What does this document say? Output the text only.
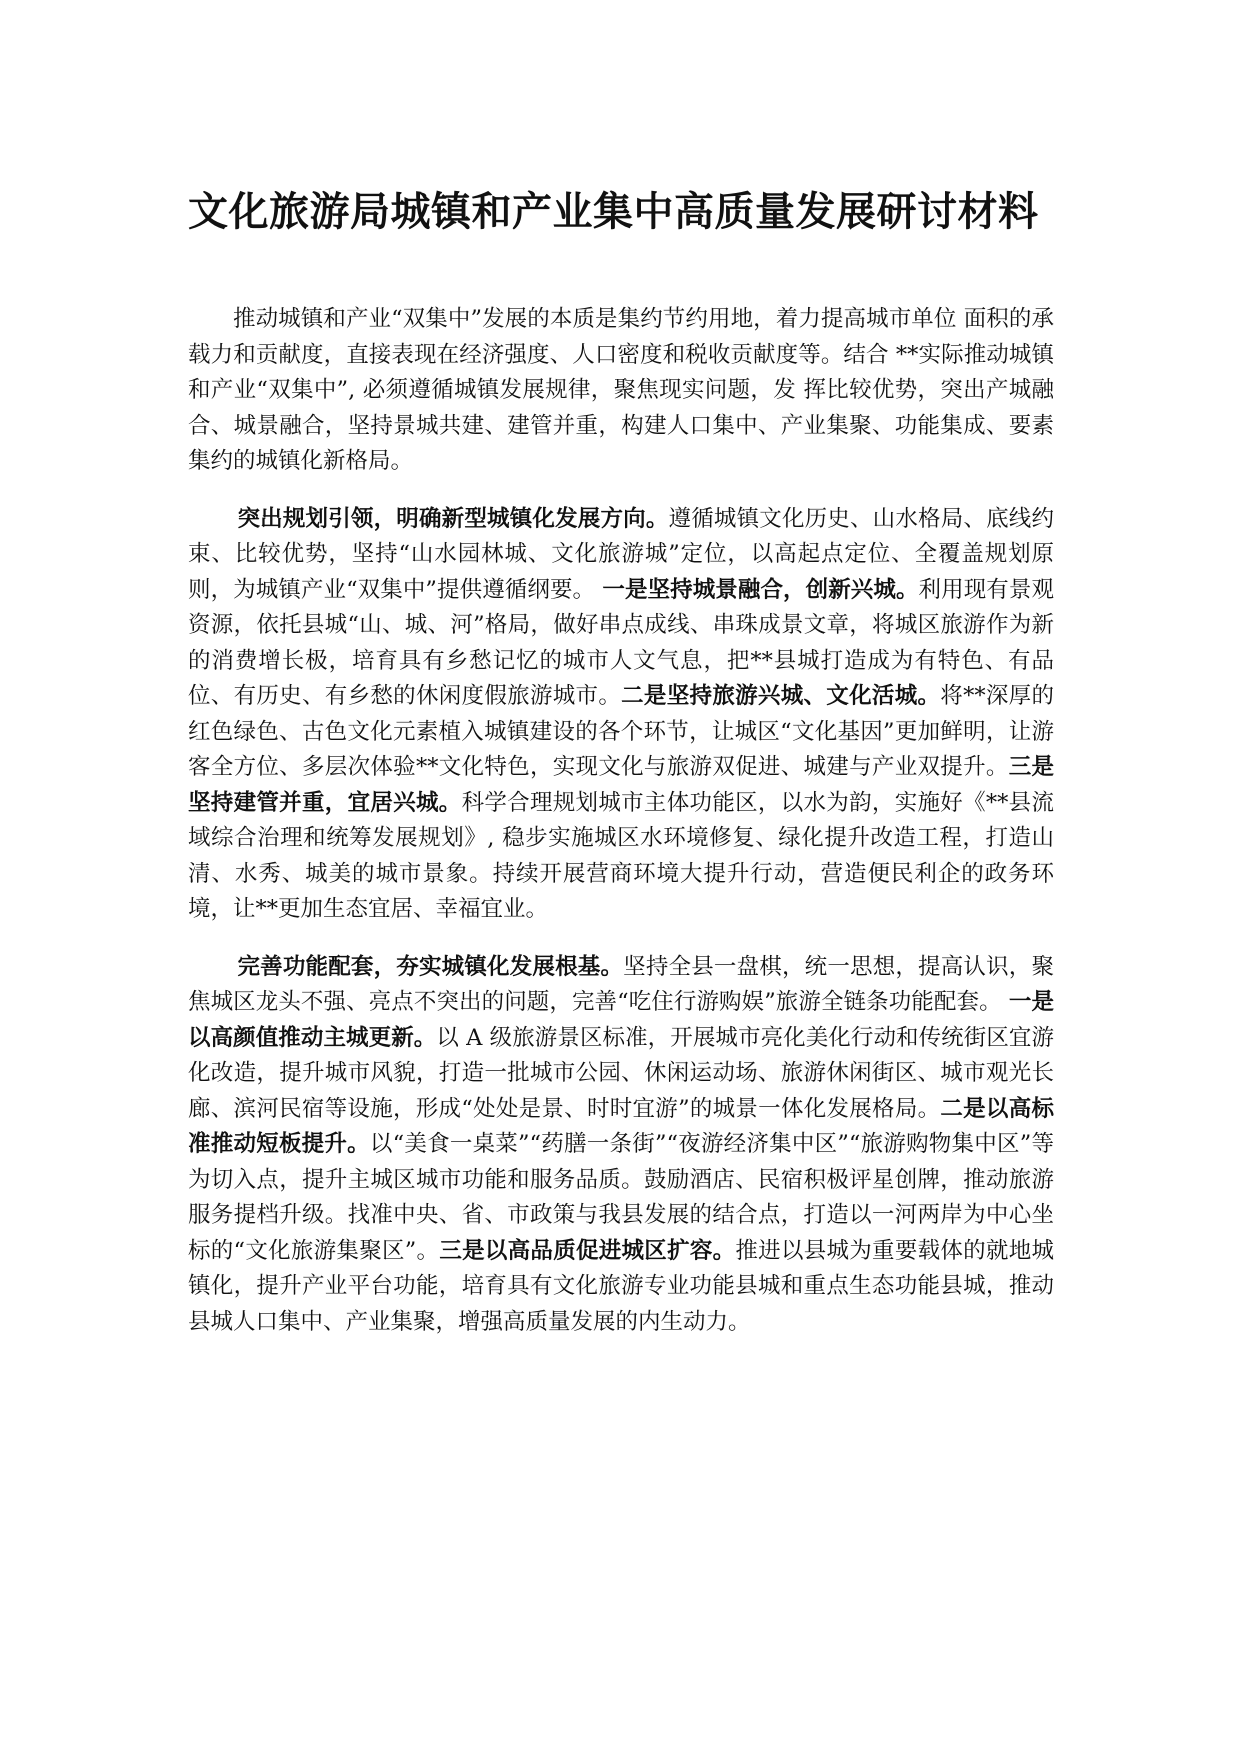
文化旅游局城镇和产业集中高质量发展研讨材料

推动城镇和产业“双集中”发展的本质是集约节约用地，着力提高城市单位 面积的承载力和贡献度，直接表现在经济强度、人口密度和税收贡献度等。结合 **实际推动城镇和产业“双集中”, 必须遵循城镇发展规律，聚焦现实问题，发 挥比较优势，突出产城融合、城景融合，坚持景城共建、建管并重，构建人口集中、产业集聚、功能集成、要素集约的城镇化新格局。

突出规划引领，明确新型城镇化发展方向。遵循城镇文化历史、山水格局、底线约束、比较优势，坚持“山水园林城、文化旅游城”定位，以高起点定位、全覆盖规划原则，为城镇产业“双集中”提供遵循纲要。 一是坚持城景融合，创新兴城。利用现有景观资源，依托县城“山、城、河”格局，做好串点成线、串珠成景文章，将城区旅游作为新的消费增长极，培育具有乡愁记忆的城市人文气息，把**县城打造成为有特色、有品位、有历史、有乡愁的休闲度假旅游城市。二是坚持旅游兴城、文化活城。将**深厚的红色绿色、古色文化元素植入城镇建设的各个环节，让城区“文化基因”更加鲜明，让游客全方位、多层次体验**文化特色，实现文化与旅游双促进、城建与产业双提升。三是坚持建管并重，宜居兴城。科学合理规划城市主体功能区，以水为韵，实施好《**县流域综合治理和统筹发展规划》, 稳步实施城区水环境修复、绿化提升改造工程，打造山清、水秀、城美的城市景象。持续开展营商环境大提升行动，营造便民利企的政务环境，让**更加生态宜居、幸福宜业。

完善功能配套，夯实城镇化发展根基。坚持全县一盘棋，统一思想，提高认识，聚焦城区龙头不强、亮点不突出的问题，完善“吃住行游购娱”旅游全链条功能配套。 一是以高颜值推动主城更新。以 A 级旅游景区标准，开展城市亮化美化行动和传统街区宜游化改造，提升城市风貌，打造一批城市公园、休闲运动场、旅游休闲街区、城市观光长廊、滨河民宿等设施，形成“处处是景、时时宜游”的城景一体化发展格局。二是以高标准推动短板提升。以“美食一桌菜”“药膳一条街”“夜游经济集中区”“旅游购物集中区”等为切入点，提升主城区城市功能和服务品质。鼓励酒店、民宿积极评星创牌，推动旅游服务提档升级。找准中央、省、市政策与我县发展的结合点，打造以一河两岸为中心坐标的“文化旅游集聚区”。三是以高品质促进城区扩容。推进以县城为重要载体的就地城镇化，提升产业平台功能，培育具有文化旅游专业功能县城和重点生态功能县城，推动县城人口集中、产业集聚，增强高质量发展的内生动力。
